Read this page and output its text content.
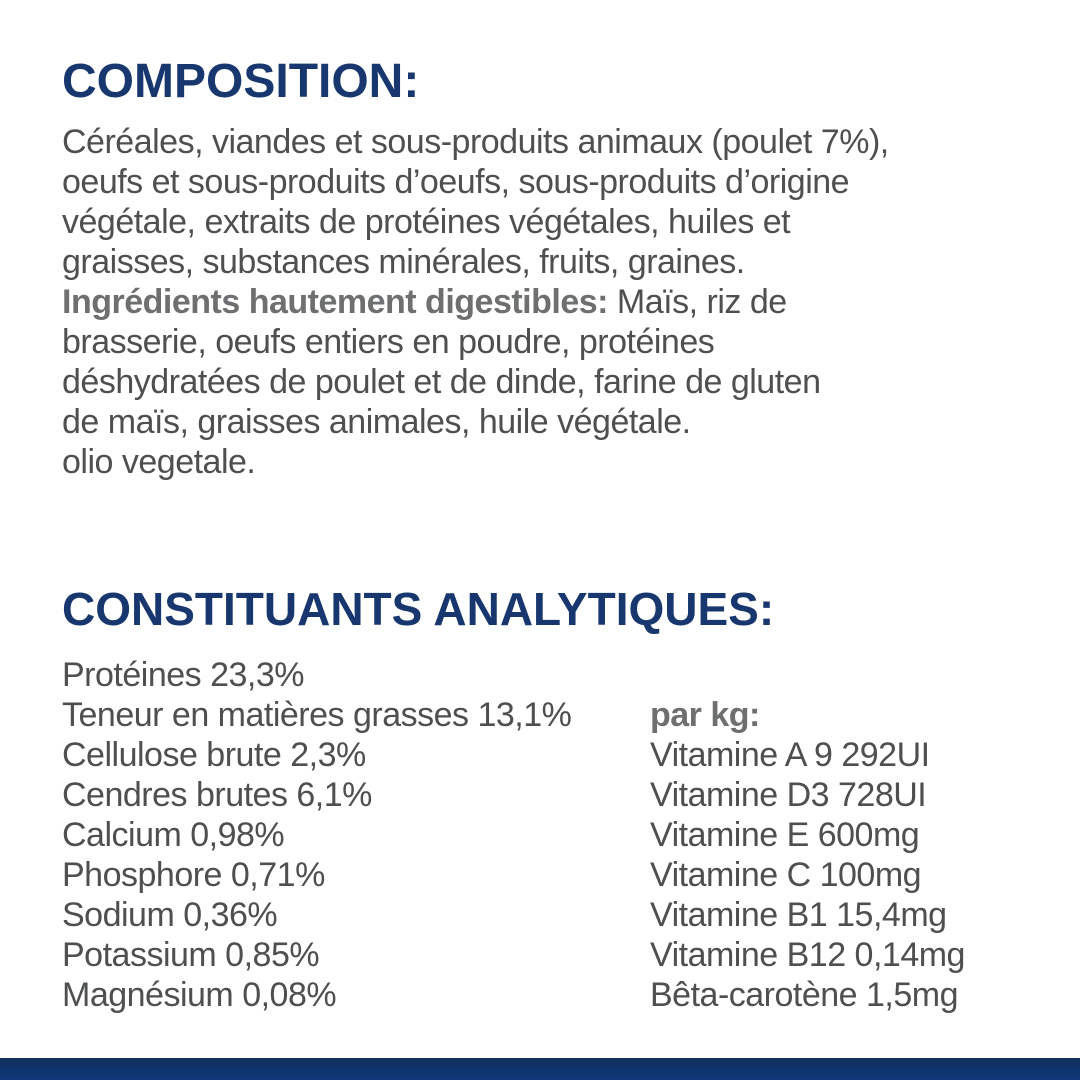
COMPOSITION:
Céréales, viandes et sous-produits animaux (poulet 7%),
oeufs et sous-produits d’oeufs, sous-produits d’origine
végétale, extraits de protéines végétales, huiles et
graisses, substances minérales, fruits, graines.
Ingrédients hautement digestibles: Maïs, riz de
brasserie, oeufs entiers en poudre, protéines
déshydratées de poulet et de dinde, farine de gluten
de maïs, graisses animales, huile végétale.
olio vegetale.
CONSTITUANTS ANALYTIQUES:
Protéines 23,3%
Teneur en matières grasses 13,1%
Cellulose brute 2,3%
Cendres brutes 6,1%
Calcium 0,98%
Phosphore 0,71%
Sodium 0,36%
Potassium 0,85%
Magnésium 0,08%
par kg:
Vitamine A 9 292UI
Vitamine D3 728UI
Vitamine E 600mg
Vitamine C 100mg
Vitamine B1 15,4mg
Vitamine B12 0,14mg
Bêta-carotène 1,5mg
